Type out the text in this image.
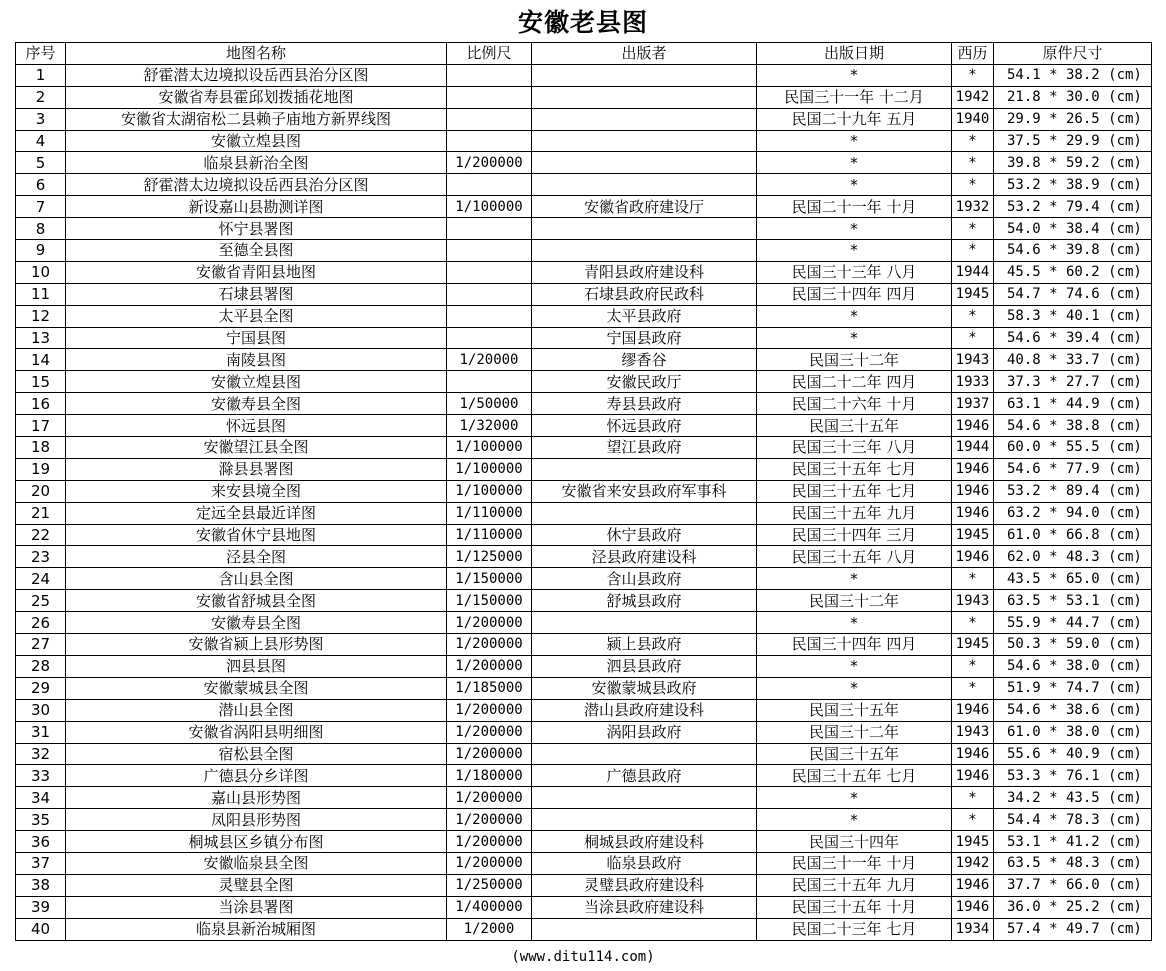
安徽老县图
序号	地图名称	比例尺	出版者	出版日期	西历	原件尺寸
1	舒霍潜太边境拟设岳西县治分区图			*	*	54.1 * 38.2 (cm)
2	安徽省寿县霍邱划拨插花地图			民国三十一年 十二月	1942	21.8 * 30.0 (cm)
3	安徽省太湖宿松二县赖子庙地方新界线图			民国二十九年 五月	1940	29.9 * 26.5 (cm)
4	安徽立煌县图			*	*	37.5 * 29.9 (cm)
5	临泉县新治全图	1/200000		*	*	39.8 * 59.2 (cm)
6	舒霍潜太边境拟设岳西县治分区图			*	*	53.2 * 38.9 (cm)
7	新设嘉山县勘测详图	1/100000	安徽省政府建设厅	民国二十一年 十月	1932	53.2 * 79.4 (cm)
8	怀宁县署图			*	*	54.0 * 38.4 (cm)
9	至德全县图			*	*	54.6 * 39.8 (cm)
10	安徽省青阳县地图		青阳县政府建设科	民国三十三年 八月	1944	45.5 * 60.2 (cm)
11	石埭县署图		石埭县政府民政科	民国三十四年 四月	1945	54.7 * 74.6 (cm)
12	太平县全图		太平县政府	*	*	58.3 * 40.1 (cm)
13	宁国县图		宁国县政府	*	*	54.6 * 39.4 (cm)
14	南陵县图	1/20000	缪香谷	民国三十二年	1943	40.8 * 33.7 (cm)
15	安徽立煌县图		安徽民政厅	民国二十二年 四月	1933	37.3 * 27.7 (cm)
16	安徽寿县全图	1/50000	寿县县政府	民国二十六年 十月	1937	63.1 * 44.9 (cm)
17	怀远县图	1/32000	怀远县政府	民国三十五年	1946	54.6 * 38.8 (cm)
18	安徽望江县全图	1/100000	望江县政府	民国三十三年 八月	1944	60.0 * 55.5 (cm)
19	滁县县署图	1/100000		民国三十五年 七月	1946	54.6 * 77.9 (cm)
20	来安县境全图	1/100000	安徽省来安县政府军事科	民国三十五年 七月	1946	53.2 * 89.4 (cm)
21	定远全县最近详图	1/110000		民国三十五年 九月	1946	63.2 * 94.0 (cm)
22	安徽省休宁县地图	1/110000	休宁县政府	民国三十四年 三月	1945	61.0 * 66.8 (cm)
23	泾县全图	1/125000	泾县政府建设科	民国三十五年 八月	1946	62.0 * 48.3 (cm)
24	含山县全图	1/150000	含山县政府	*	*	43.5 * 65.0 (cm)
25	安徽省舒城县全图	1/150000	舒城县政府	民国三十二年	1943	63.5 * 53.1 (cm)
26	安徽寿县全图	1/200000		*	*	55.9 * 44.7 (cm)
27	安徽省颍上县形势图	1/200000	颍上县政府	民国三十四年 四月	1945	50.3 * 59.0 (cm)
28	泗县县图	1/200000	泗县县政府	*	*	54.6 * 38.0 (cm)
29	安徽蒙城县全图	1/185000	安徽蒙城县政府	*	*	51.9 * 74.7 (cm)
30	潜山县全图	1/200000	潜山县政府建设科	民国三十五年	1946	54.6 * 38.6 (cm)
31	安徽省涡阳县明细图	1/200000	涡阳县政府	民国三十二年	1943	61.0 * 38.0 (cm)
32	宿松县全图	1/200000		民国三十五年	1946	55.6 * 40.9 (cm)
33	广德县分乡详图	1/180000	广德县政府	民国三十五年 七月	1946	53.3 * 76.1 (cm)
34	嘉山县形势图	1/200000		*	*	34.2 * 43.5 (cm)
35	凤阳县形势图	1/200000		*	*	54.4 * 78.3 (cm)
36	桐城县区乡镇分布图	1/200000	桐城县政府建设科	民国三十四年	1945	53.1 * 41.2 (cm)
37	安徽临泉县全图	1/200000	临泉县政府	民国三十一年 十月	1942	63.5 * 48.3 (cm)
38	灵璧县全图	1/250000	灵璧县政府建设科	民国三十五年 九月	1946	37.7 * 66.0 (cm)
39	当涂县署图	1/400000	当涂县政府建设科	民国三十五年 十月	1946	36.0 * 25.2 (cm)
40	临泉县新治城厢图	1/2000		民国二十三年 七月	1934	57.4 * 49.7 (cm)
(www.ditu114.com)
